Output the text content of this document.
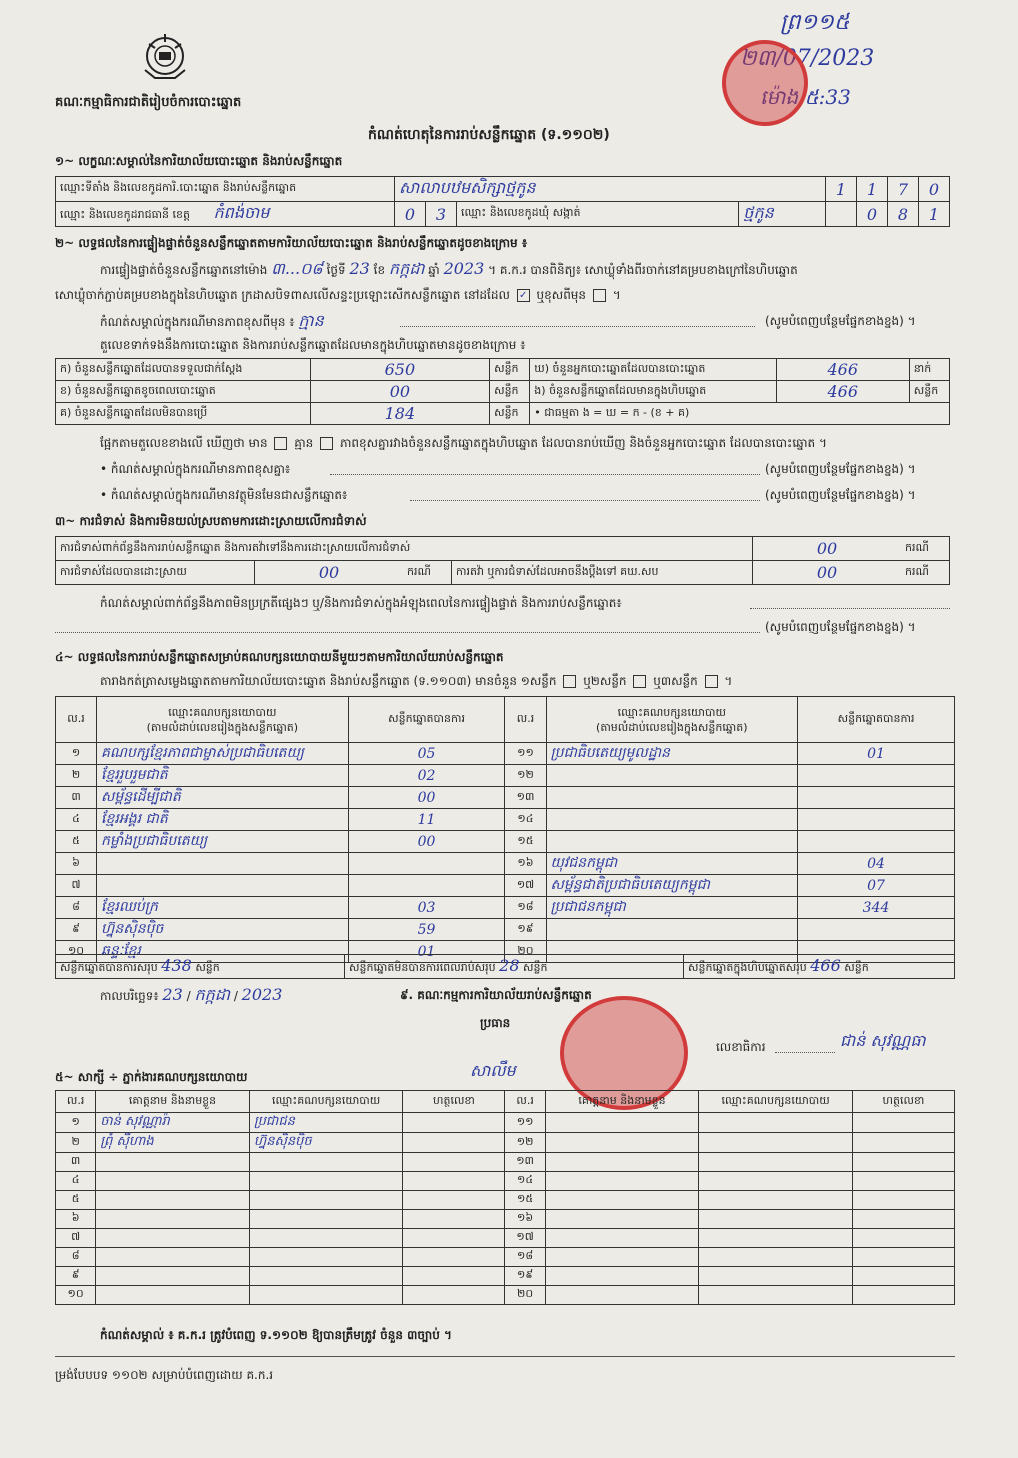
គណៈកម្មាធិការជាតិរៀបចំការបោះឆ្នោត
កំណត់ហេតុនៃការរាប់សន្លឹកឆ្នោត (ទ.១១០២)
ព្រ១១៥
២៣/07/2023
ម៉ោង ៥:33
១~ លក្ខណៈសម្គាល់នៃការិយាល័យបោះឆ្នោត និងរាប់សន្លឹកឆ្នោត
ឈ្មោះទីតាំង និងលេខកូដការិ.បោះឆ្នោត និងរាប់សន្លឹកឆ្នោត	សាលាបឋមសិក្សាថ្មកូន				1	1	7	0
ឈ្មោះ និងលេខកូដរាជធានី ខេត្ត កំពង់ចាម	0	3	ឈ្មោះ និងលេខកូដឃុំ សង្កាត់	ថ្មកូន		0	8	1
២~ លទ្ធផលនៃការផ្ទៀងផ្ទាត់ចំនួនសន្លឹកឆ្នោតតាមការិយាល័យបោះឆ្នោត និងរាប់សន្លឹកឆ្នោតដូចខាងក្រោម ៖
ការផ្ទៀងផ្ទាត់ចំនួនសន្លឹកឆ្នោតនៅម៉ោង ៣...០៨ ថ្ងៃទី 23 ខែ កក្កដា ឆ្នាំ 2023 ។ គ.ក.រ បានពិនិត្យ៖ សោឃ្លុំទាំងពីរចាក់នៅគម្របខាងក្រៅនៃហិបឆ្នោត
សោឃ្លុំចាក់ភ្ជាប់គម្របខាងក្នុងនៃហិបឆ្នោត ក្រដាសបិទពាសលើសន្ទះប្រឡោះសើកសន្លឹកឆ្នោត នៅដដែល ✓ ឬខុសពីមុន ។
កំណត់សម្គាល់ក្នុងករណីមានភាពខុសពីមុន ៖ ក្មាន	(សូមបំពេញបន្ថែមផ្នែកខាងខ្នង) ។
តួលេខទាក់ទងនឹងការបោះឆ្នោត និងការរាប់សន្លឹកឆ្នោតដែលមានក្នុងហិបឆ្នោតមានដូចខាងក្រោម ៖
ក) ចំនួនសន្លឹកឆ្នោតដែលបានទទួលជាក់ស្តែង	650	សន្លឹក	ឃ) ចំនួនអ្នកបោះឆ្នោតដែលបានបោះឆ្នោត	466	នាក់
ខ) ចំនួនសន្លឹកឆ្នោតខូចពេលបោះឆ្នោត	00	សន្លឹក	ង) ចំនួនសន្លឹកឆ្នោតដែលមានក្នុងហិបឆ្នោត	466	សន្លឹក
គ) ចំនួនសន្លឹកឆ្នោតដែលមិនបានប្រើ	184	សន្លឹក	• ជាធម្មតា ង = ឃ = ក - (ខ + គ)		
ផ្អែកតាមតួលេខខាងលើ ឃើញថា មាន គ្មាន ភាពខុសគ្នារវាងចំនួនសន្លឹកឆ្នោតក្នុងហិបឆ្នោត ដែលបានរាប់ឃើញ និងចំនួនអ្នកបោះឆ្នោត ដែលបានបោះឆ្នោត ។
• កំណត់សម្គាល់ក្នុងករណីមានភាពខុសគ្នា៖	(សូមបំពេញបន្ថែមផ្នែកខាងខ្នង) ។
• កំណត់សម្គាល់ក្នុងករណីមានវត្ថុមិនមែនជាសន្លឹកឆ្នោត៖	(សូមបំពេញបន្ថែមផ្នែកខាងខ្នង) ។
៣~ ការជំទាស់ និងការមិនយល់ស្របតាមការដោះស្រាយលើការជំទាស់
ការជំទាស់ពាក់ព័ន្ធនឹងការរាប់សន្លឹកឆ្នោត និងការតវ៉ាទៅនឹងការដោះស្រាយលើការជំទាស់				00	ករណី
ការជំទាស់ដែលបានដោះស្រាយ	00	ករណី	ការតវ៉ា ឬការជំទាស់ដែលអាចនឹងប្តឹងទៅ គឃ.សប	00	ករណី
កំណត់សម្គាល់ពាក់ព័ន្ធនឹងភាពមិនប្រក្រតីផ្សេងៗ ឬ/និងការជំទាស់ក្នុងអំឡុងពេលនៃការផ្ទៀងផ្ទាត់ និងការរាប់សន្លឹកឆ្នោត៖
(សូមបំពេញបន្ថែមផ្នែកខាងខ្នង) ។
៤~ លទ្ធផលនៃការរាប់សន្លឹកឆ្នោតសម្រាប់គណបក្សនយោបាយនីមួយៗតាមការិយាល័យរាប់សន្លឹកឆ្នោត
តារាងកត់ត្រាសម្លេងឆ្នោតតាមការិយាល័យបោះឆ្នោត និងរាប់សន្លឹកឆ្នោត (ទ.១១០៣) មានចំនួន ១សន្លឹក ឬ២សន្លឹក ឬ៣សន្លឹក ។
ល.រ	ឈ្មោះគណបក្សនយោបាយ
(តាមលំដាប់លេខរៀងក្នុងសន្លឹកឆ្នោត)	សន្លឹកឆ្នោតបានការ	ល.រ	ឈ្មោះគណបក្សនយោបាយ
(តាមលំដាប់លេខរៀងក្នុងសន្លឹកឆ្នោត)	សន្លឹកឆ្នោតបានការ
១	គណបក្សខ្មែរភាពជាម្ចាស់ប្រជាធិបតេយ្យ	05	១១	ប្រជាធិបតេយ្យមូលដ្ឋាន	01
២	ខ្មែររួបរួមជាតិ	02	១២		
៣	សម្ព័ន្ធដើម្បីជាតិ	00	១៣		
៤	ខ្មែរអង្គរ ជាតិ	11	១៤		
៥	កម្លាំងប្រជាធិបតេយ្យ	00	១៥		
៦			១៦	យុវជនកម្ពុជា	04
៧			១៧	សម្ព័ន្ធជាតិប្រជាធិបតេយ្យកម្ពុជា	07
៨	ខ្មែរឈប់ក្រ	03	១៨	ប្រជាជនកម្ពុជា	344
៩	ហ្វ៊ុនស៊ិនប៉ិច	59	១៩		
១០	ឆន្ទៈខ្មែរ	01	២០		
សន្លឹកឆ្នោតបានការសរុប 438 សន្លឹក	សន្លឹកឆ្នោតមិនបានការពេលរាប់សរុប 28 សន្លឹក	សន្លឹកឆ្នោតក្នុងហិបឆ្នោតសរុប 466 សន្លឹក
កាលបរិច្ឆេទ៖ 23 / កក្កដា / 2023	៩. គណៈកម្មការការិយាល័យរាប់សន្លឹកឆ្នោត
ប្រធាន
សាលឹម
លេខាធិការ	ជាន់ សុវណ្ណធា
៥~ សាក្សី ÷ ភ្នាក់ងារគណបក្សនយោបាយ
ល.រ	គោត្តនាម និងនាមខ្លួន	ឈ្មោះគណបក្សនយោបាយ	ហត្ថលេខា	ល.រ	គោត្តនាម និងនាមខ្លួន	ឈ្មោះគណបក្សនយោបាយ	ហត្ថលេខា
១	ចាន់ សុវណ្ណារ៉ា	ប្រជាជន		១១			
២	ព្រុំ ស៊ីហាង	ហ្វ៊ុនស៊ិនប៉ិច		១២			
៣				១៣			
៤				១៤			
៥				១៥			
៦				១៦			
៧				១៧			
៨				១៨			
៩				១៩			
១០				២០			
កំណត់សម្គាល់ ៖ គ.ក.រ ត្រូវបំពេញ ទ.១១០២ ឱ្យបានត្រឹមត្រូវ ចំនួន ៣ច្បាប់ ។
ម្រង់បែបបទ ១១០២ សម្រាប់បំពេញដោយ គ.ក.រ
